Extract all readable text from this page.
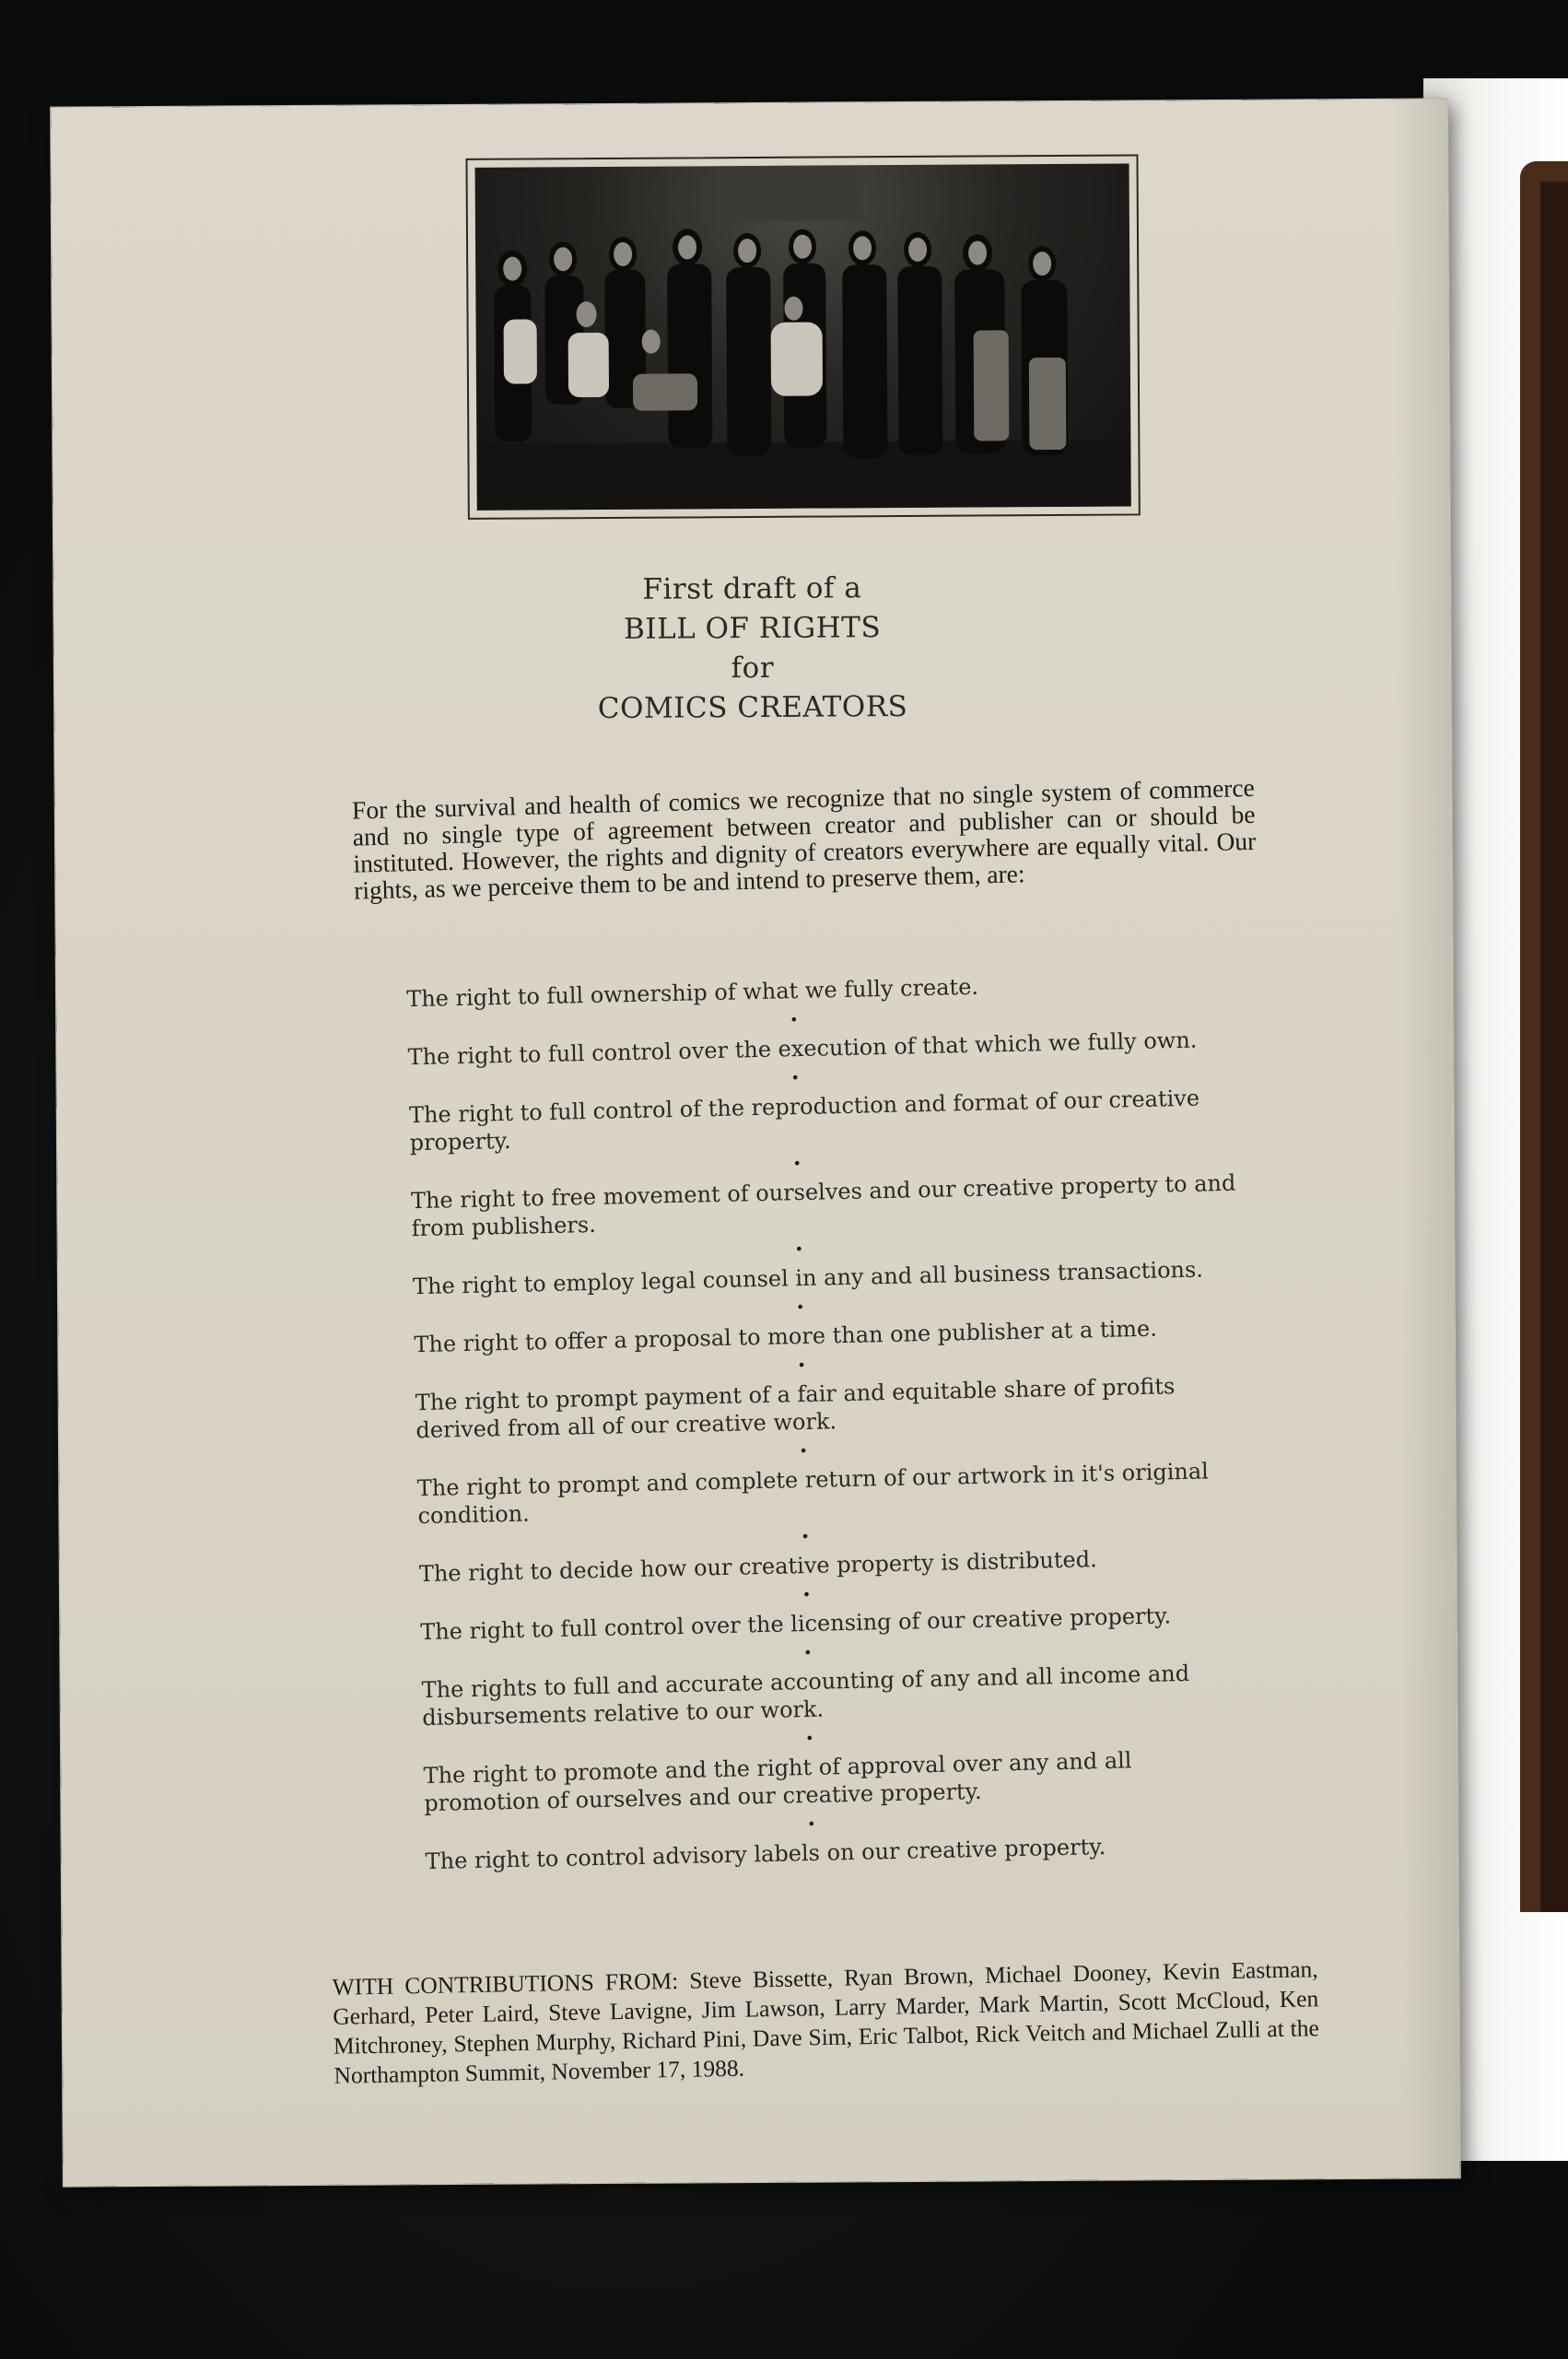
First draft of a
BILL OF RIGHTS
for
COMICS CREATORS

For the survival and health of comics we recognize that no single system of commerce and no single type of agreement between creator and publisher can or should be instituted. However, the rights and dignity of creators everywhere are equally vital. Our rights, as we perceive them to be and intend to preserve them, are:

The right to full ownership of what we fully create.
•
The right to full control over the execution of that which we fully own.
•
The right to full control of the reproduction and format of our creative property.
•
The right to free movement of ourselves and our creative property to and from publishers.
•
The right to employ legal counsel in any and all business transactions.
•
The right to offer a proposal to more than one publisher at a time.
•
The right to prompt payment of a fair and equitable share of profits derived from all of our creative work.
•
The right to prompt and complete return of our artwork in it's original condition.
•
The right to decide how our creative property is distributed.
•
The right to full control over the licensing of our creative property.
•
The rights to full and accurate accounting of any and all income and disbursements relative to our work.
•
The right to promote and the right of approval over any and all promotion of ourselves and our creative property.
•
The right to control advisory labels on our creative property.

WITH CONTRIBUTIONS FROM: Steve Bissette, Ryan Brown, Michael Dooney, Kevin Eastman, Gerhard, Peter Laird, Steve Lavigne, Jim Lawson, Larry Marder, Mark Martin, Scott McCloud, Ken Mitchroney, Stephen Murphy, Richard Pini, Dave Sim, Eric Talbot, Rick Veitch and Michael Zulli at the Northampton Summit, November 17, 1988.
